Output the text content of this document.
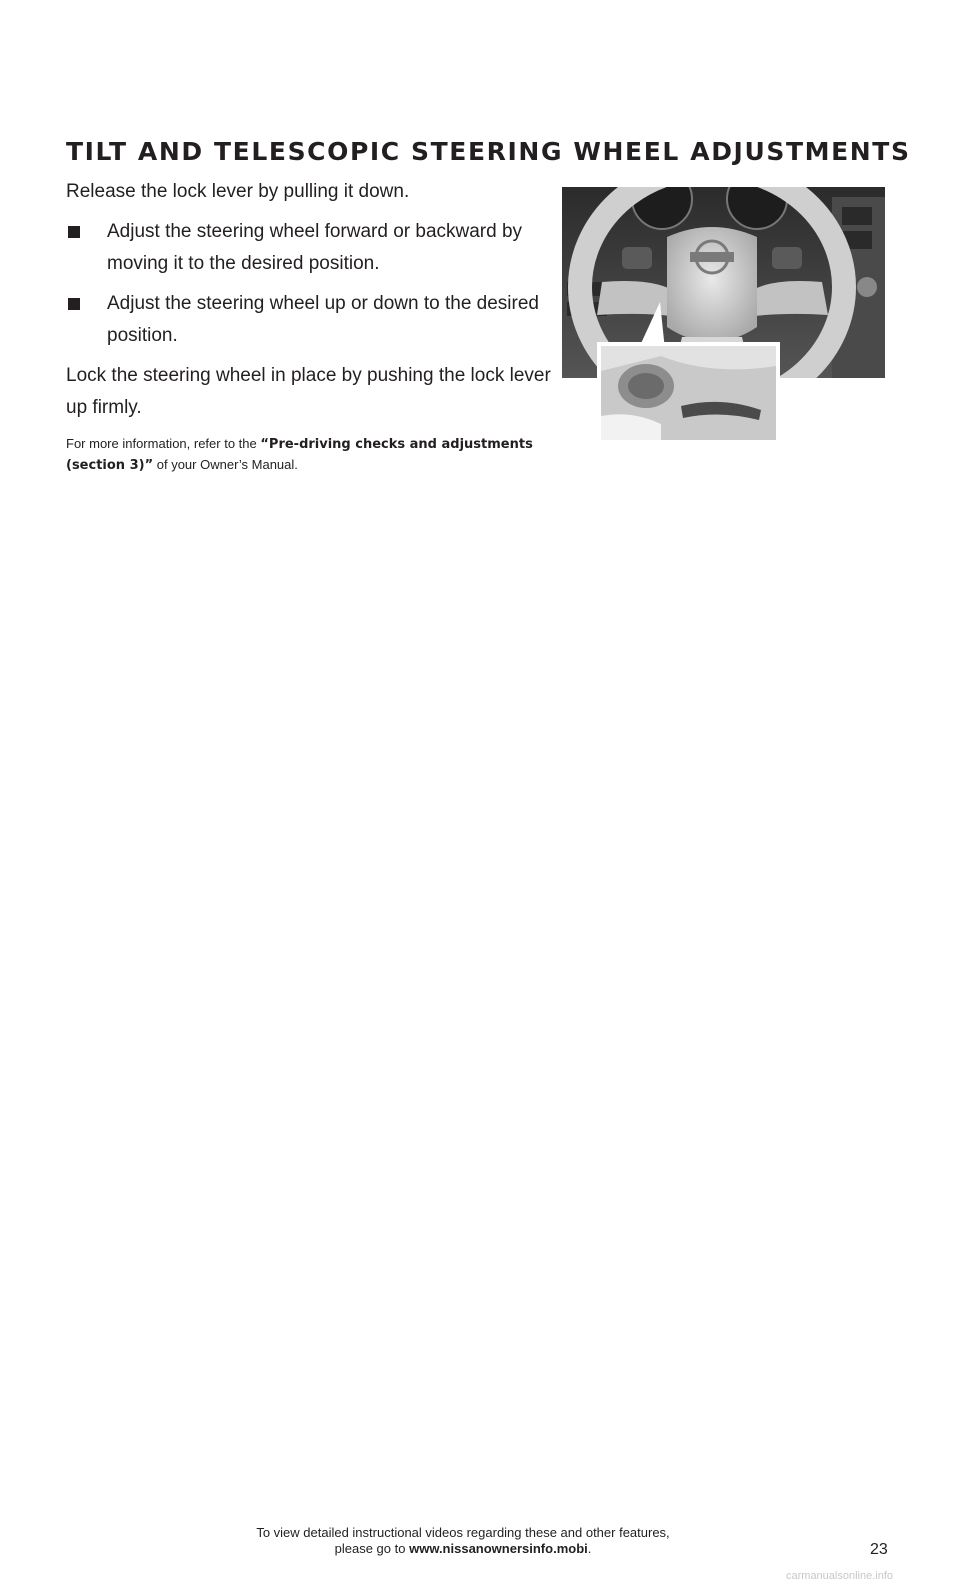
TILT AND TELESCOPIC STEERING WHEEL ADJUSTMENTS

Release the lock lever by pulling it down.

Adjust the steering wheel forward or backward by moving it to the desired position.
Adjust the steering wheel up or down to the desired position.

Lock the steering wheel in place by pushing the lock lever up firmly.

For more information, refer to the “Pre-driving checks and adjustments (section 3)” of your Owner’s Manual.
To view detailed instructional videos regarding these and other features,
please go to www.nissanownersinfo.mobi.	23
carmanualsonline.info
